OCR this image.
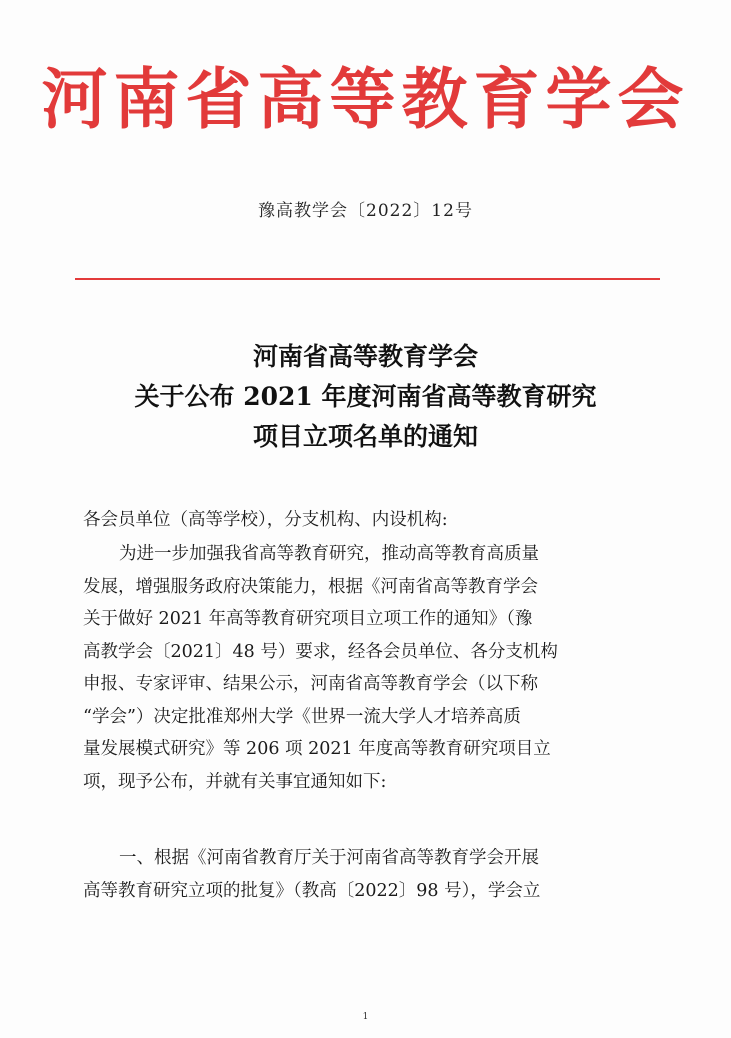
河南省高等教育学会
豫高教学会〔2022〕12号
河南省高等教育学会
关于公布 2021 年度河南省高等教育研究
项目立项名单的通知
各会员单位（高等学校），分支机构、内设机构:
为进一步加强我省高等教育研究，推动高等教育高质量
发展，增强服务政府决策能力，根据《河南省高等教育学会
关于做好 2021 年高等教育研究项目立项工作的通知》（豫
高教学会〔2021〕48 号）要求，经各会员单位、各分支机构
申报、专家评审、结果公示，河南省高等教育学会（以下称
“学会”）决定批准郑州大学《世界一流大学人才培养高质
量发展模式研究》等 206 项 2021 年度高等教育研究项目立
项，现予公布，并就有关事宜通知如下:
一、根据《河南省教育厅关于河南省高等教育学会开展
高等教育研究立项的批复》（教高〔2022〕98 号），学会立
1
